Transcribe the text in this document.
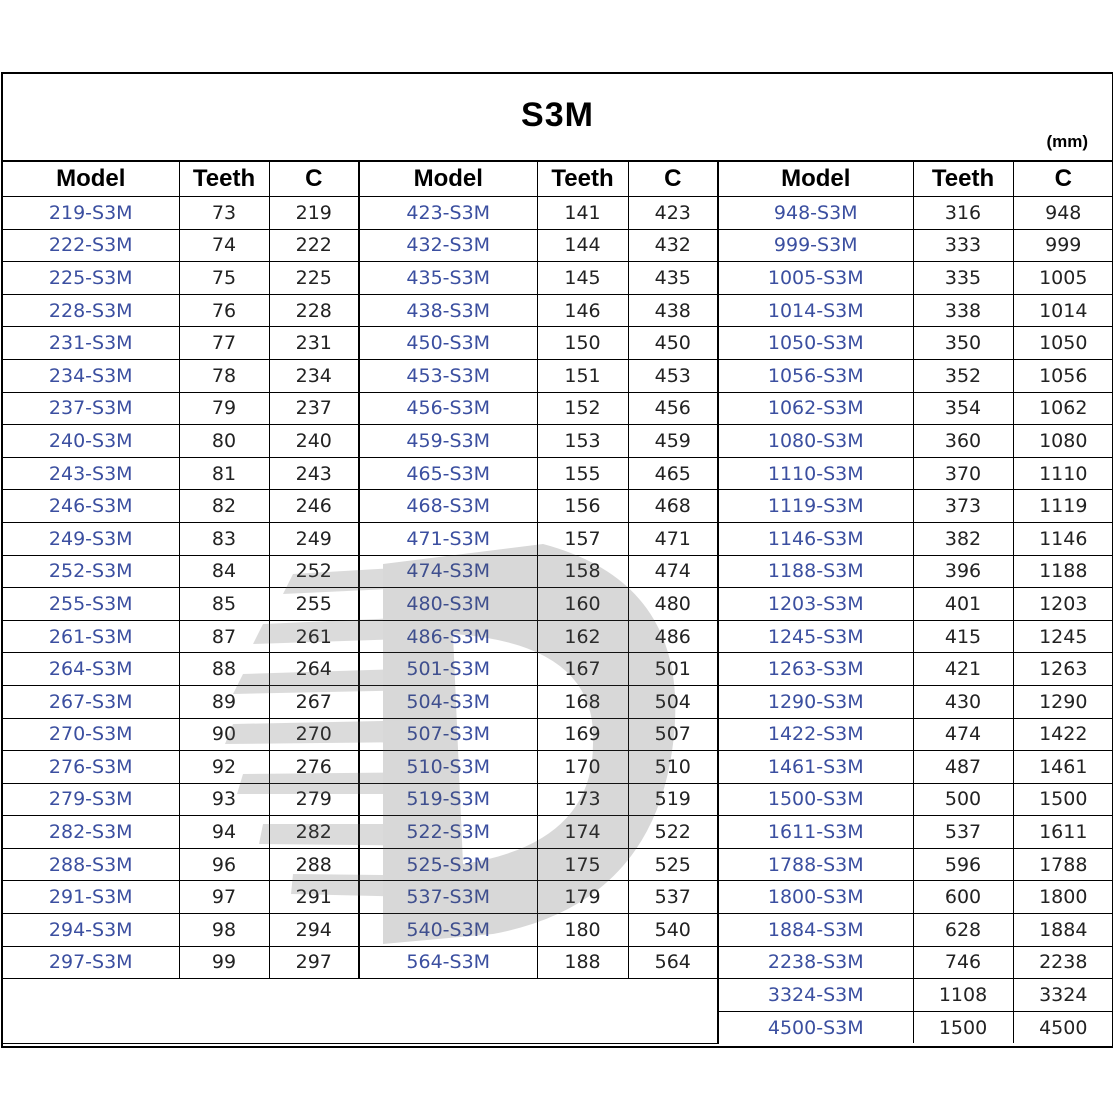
S3M
(mm)
Model	Teeth	C	Model	Teeth	C	Model	Teeth	C
219-S3M	73	219	423-S3M	141	423	948-S3M	316	948
222-S3M	74	222	432-S3M	144	432	999-S3M	333	999
225-S3M	75	225	435-S3M	145	435	1005-S3M	335	1005
228-S3M	76	228	438-S3M	146	438	1014-S3M	338	1014
231-S3M	77	231	450-S3M	150	450	1050-S3M	350	1050
234-S3M	78	234	453-S3M	151	453	1056-S3M	352	1056
237-S3M	79	237	456-S3M	152	456	1062-S3M	354	1062
240-S3M	80	240	459-S3M	153	459	1080-S3M	360	1080
243-S3M	81	243	465-S3M	155	465	1110-S3M	370	1110
246-S3M	82	246	468-S3M	156	468	1119-S3M	373	1119
249-S3M	83	249	471-S3M	157	471	1146-S3M	382	1146
252-S3M	84	252	474-S3M	158	474	1188-S3M	396	1188
255-S3M	85	255	480-S3M	160	480	1203-S3M	401	1203
261-S3M	87	261	486-S3M	162	486	1245-S3M	415	1245
264-S3M	88	264	501-S3M	167	501	1263-S3M	421	1263
267-S3M	89	267	504-S3M	168	504	1290-S3M	430	1290
270-S3M	90	270	507-S3M	169	507	1422-S3M	474	1422
276-S3M	92	276	510-S3M	170	510	1461-S3M	487	1461
279-S3M	93	279	519-S3M	173	519	1500-S3M	500	1500
282-S3M	94	282	522-S3M	174	522	1611-S3M	537	1611
288-S3M	96	288	525-S3M	175	525	1788-S3M	596	1788
291-S3M	97	291	537-S3M	179	537	1800-S3M	600	1800
294-S3M	98	294	540-S3M	180	540	1884-S3M	628	1884
297-S3M	99	297	564-S3M	188	564	2238-S3M	746	2238
						3324-S3M	1108	3324
						4500-S3M	1500	4500
